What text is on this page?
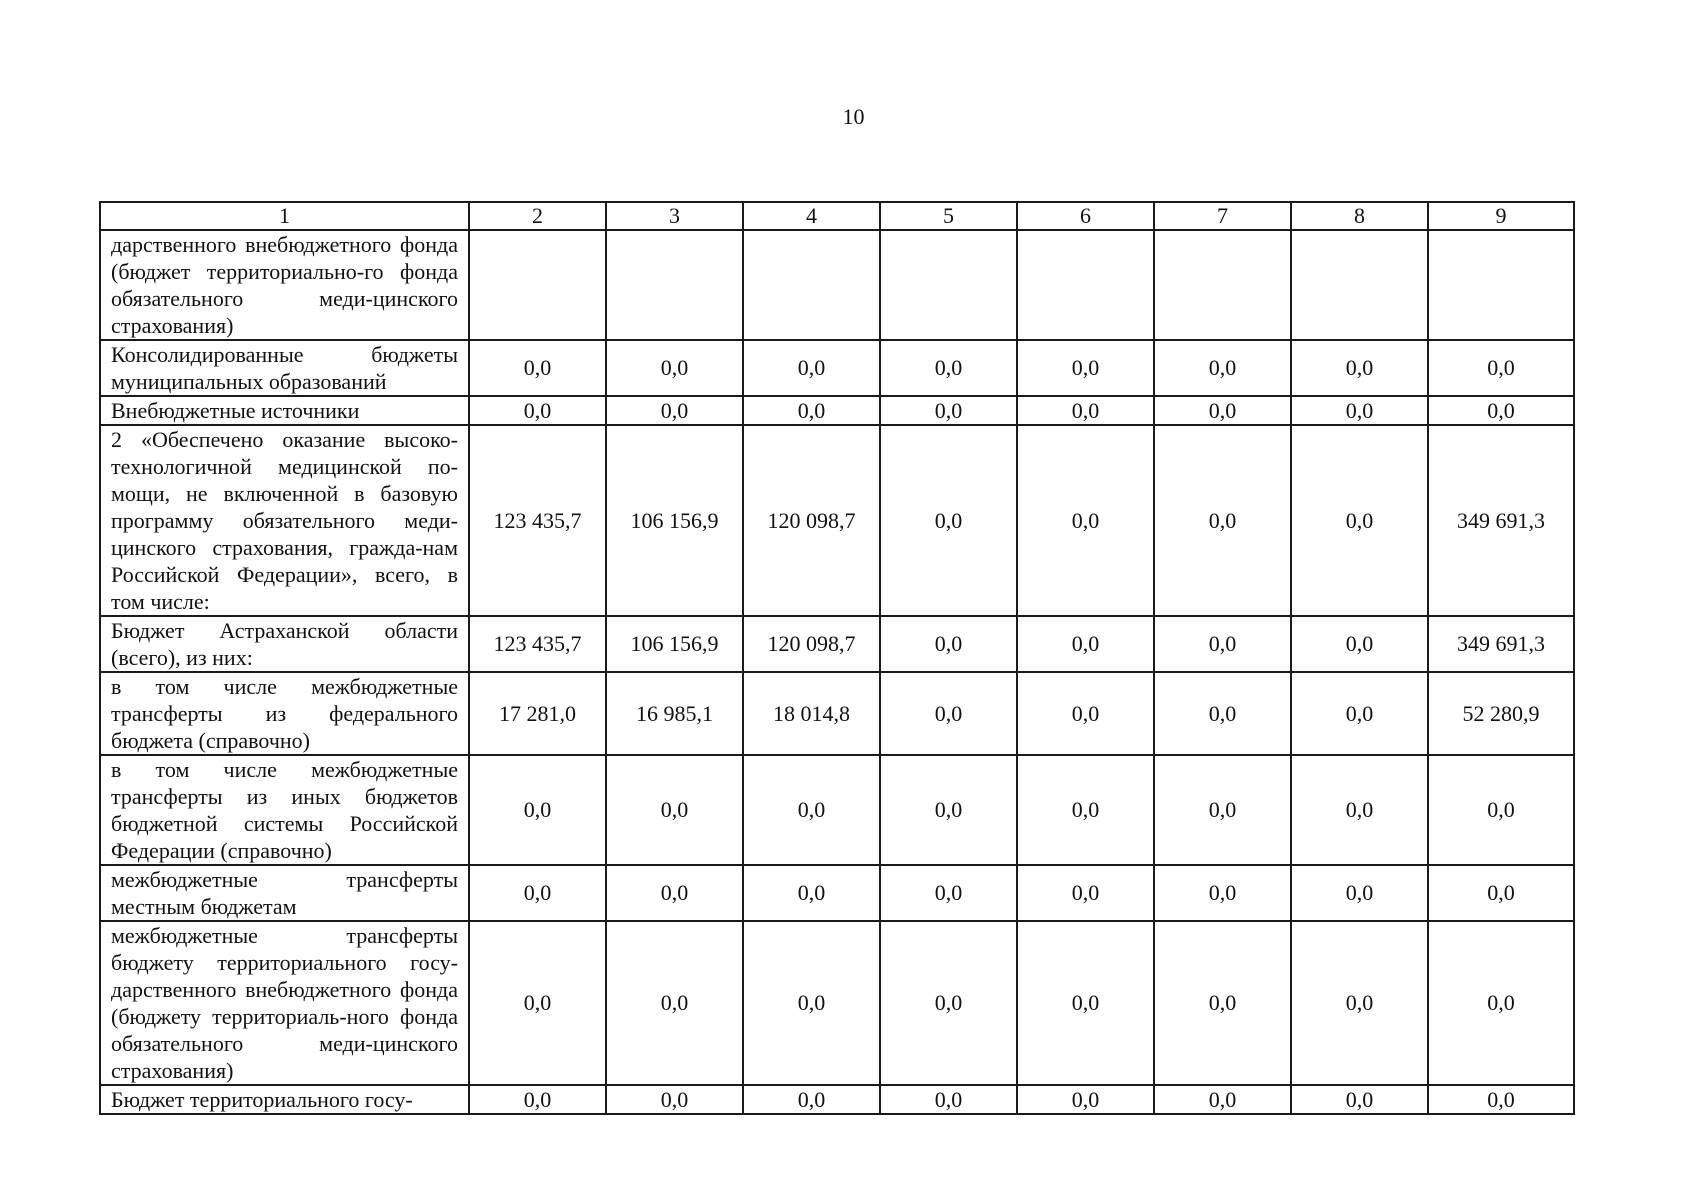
10
1	2	3	4	5	6	7	8	9
дарственного внебюджетного фонда (бюджет территориально-го фонда обязательного меди-цинского страхования)								
Консолидированные бюджеты муниципальных образований	0,0	0,0	0,0	0,0	0,0	0,0	0,0	0,0
Внебюджетные источники	0,0	0,0	0,0	0,0	0,0	0,0	0,0	0,0
2 «Обеспечено оказание высоко-технологичной медицинской по-мощи, не включенной в базовую программу обязательного меди-цинского страхования, гражда-нам Российской Федерации», всего, в том числе:	123 435,7	106 156,9	120 098,7	0,0	0,0	0,0	0,0	349 691,3
Бюджет Астраханской области (всего), из них:	123 435,7	106 156,9	120 098,7	0,0	0,0	0,0	0,0	349 691,3
в том числе межбюджетные трансферты из федерального бюджета (справочно)	17 281,0	16 985,1	18 014,8	0,0	0,0	0,0	0,0	52 280,9
в том числе межбюджетные трансферты из иных бюджетов бюджетной системы Российской Федерации (справочно)	0,0	0,0	0,0	0,0	0,0	0,0	0,0	0,0
межбюджетные трансферты местным бюджетам	0,0	0,0	0,0	0,0	0,0	0,0	0,0	0,0
межбюджетные трансферты бюджету территориального госу-дарственного внебюджетного фонда (бюджету территориаль-ного фонда обязательного меди-цинского страхования)	0,0	0,0	0,0	0,0	0,0	0,0	0,0	0,0
Бюджет территориального госу-	0,0	0,0	0,0	0,0	0,0	0,0	0,0	0,0
